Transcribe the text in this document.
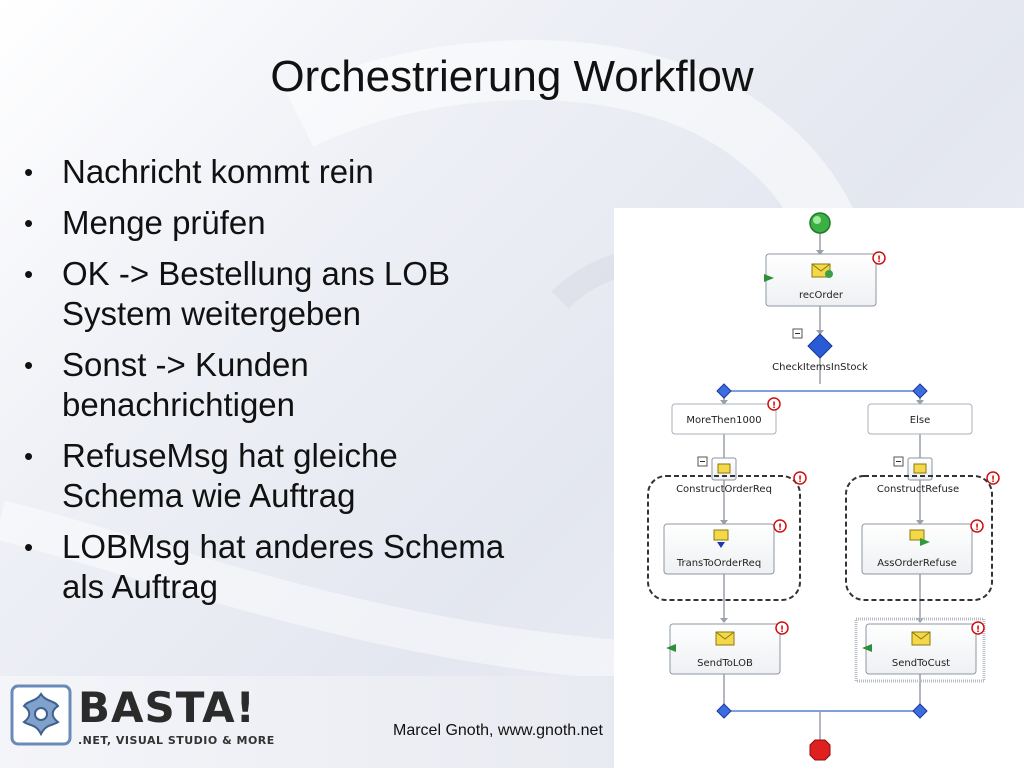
Orchestrierung Workflow
• Nachricht kommt rein
• Menge prüfen
• OK -> Bestellung ans LOB
System weitergeben
• Sonst -> Kunden
benachrichtigen
• RefuseMsg hat gleiche
Schema wie Auftrag
• LOBMsg hat anderes Schema
als Auftrag
BASTA!
.NET, VISUAL STUDIO & MORE
Marcel Gnoth, www.gnoth.net
recOrder
!
CheckItemsInStock
MoreThen1000
!
Else
ConstructOrderReq
!
TransToOrderReq
!
ConstructRefuse
!
AssOrderRefuse
!
SendToLOB
!
SendToCust
!
